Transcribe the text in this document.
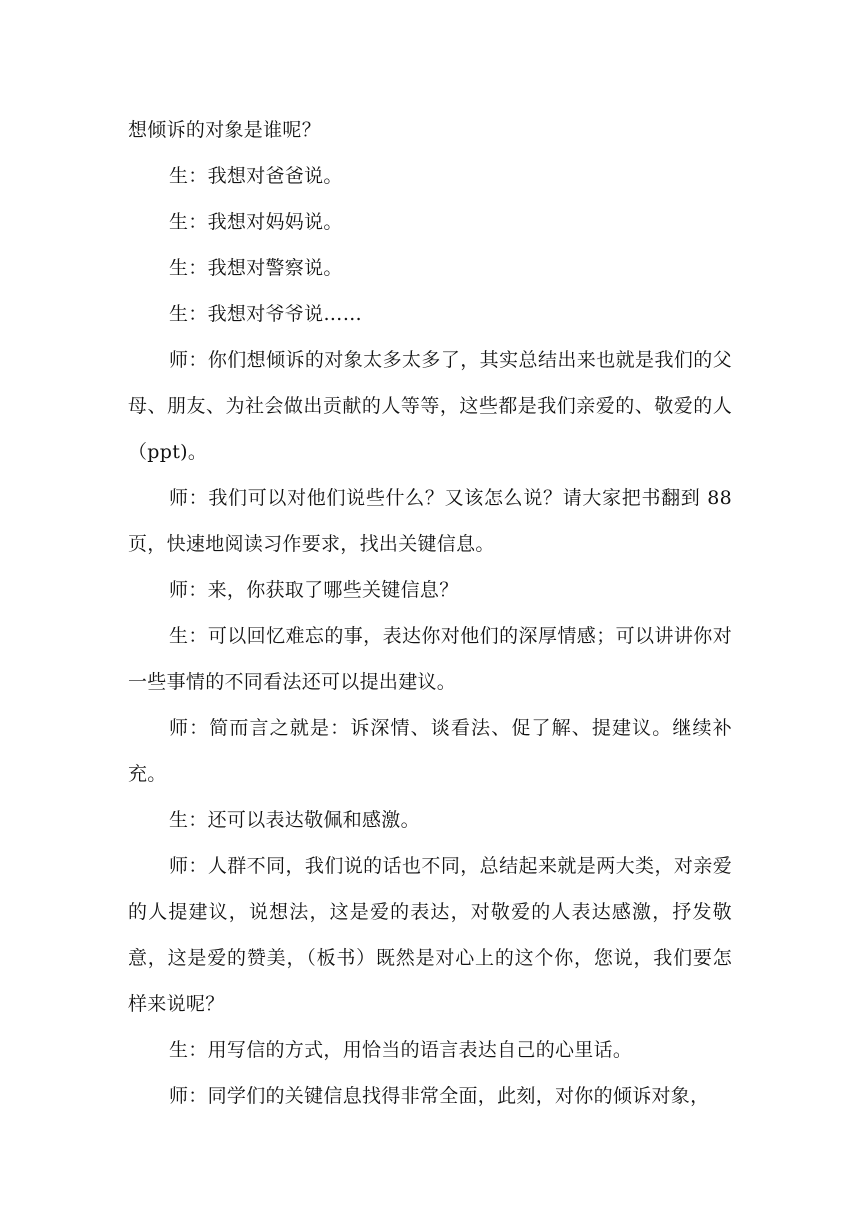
想倾诉的对象是谁呢？

生：我想对爸爸说。

生：我想对妈妈说。

生：我想对警察说。

生：我想对爷爷说……

师：你们想倾诉的对象太多太多了，其实总结出来也就是我们的父母、朋友、为社会做出贡献的人等等，这些都是我们亲爱的、敬爱的人（ppt)。

师：我们可以对他们说些什么？又该怎么说？请大家把书翻到 88 页，快速地阅读习作要求，找出关键信息。

师：来，你获取了哪些关键信息？

生：可以回忆难忘的事，表达你对他们的深厚情感；可以讲讲你对一些事情的不同看法还可以提出建议。

师：简而言之就是：诉深情、谈看法、促了解、提建议。继续补充。

生：还可以表达敬佩和感激。

师：人群不同，我们说的话也不同，总结起来就是两大类，对亲爱的人提建议，说想法，这是爱的表达，对敬爱的人表达感激，抒发敬意，这是爱的赞美，（板书）既然是对心上的这个你，您说，我们要怎样来说呢？

生：用写信的方式，用恰当的语言表达自己的心里话。

师：同学们的关键信息找得非常全面，此刻，对你的倾诉对象，
